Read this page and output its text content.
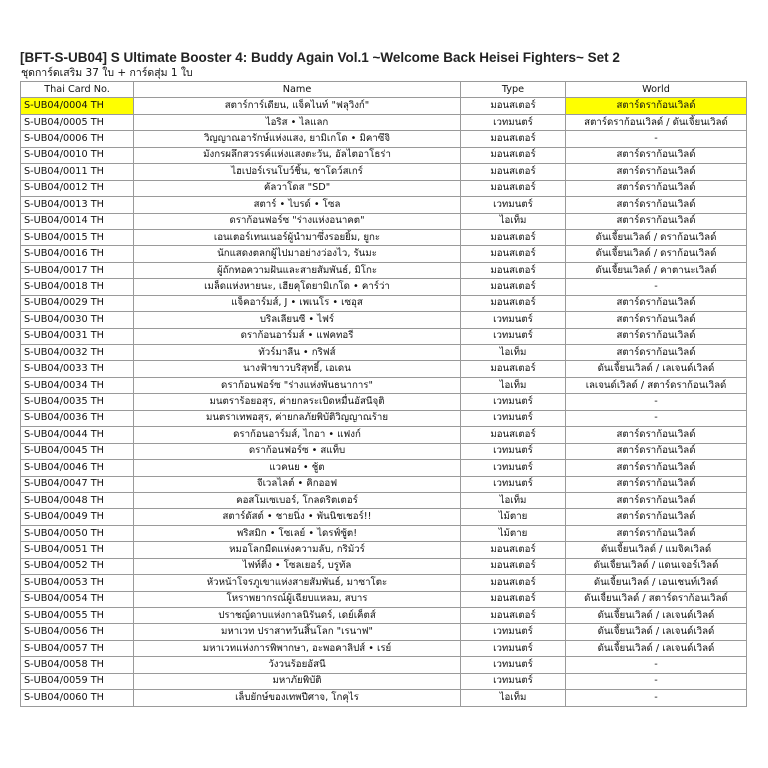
[BFT-S-UB04] S Ultimate Booster 4: Buddy Again Vol.1 ~Welcome Back Heisei Fighters~ Set 2
ชุดการ์ดเสริม 37 ใบ + การ์ดสุ่ม 1 ใบ
Thai Card No.	Name	Type	World
S-UB04/0004 TH	สตาร์การ์เดียน, แจ็คไนท์ "ฟลุวิงก์"	มอนสเตอร์	สตาร์ดราก้อนเวิลด์
S-UB04/0005 TH	ไอริส • ไลแลก	เวทมนตร์	สตาร์ดราก้อนเวิลด์ / ดันเจี้ยนเวิลด์
S-UB04/0006 TH	วิญญาณอารักษ์แห่งแสง, ยามิเกโด • มิคาซึจิ	มอนสเตอร์	-
S-UB04/0010 TH	มังกรผลึกสวรรค์แห่งแสงตะวัน, อัลไตอาโธร่า	มอนสเตอร์	สตาร์ดราก้อนเวิลด์
S-UB04/0011 TH	ไฮเปอร์เรนโบว์ชิ้น, ชาโดว์สเกร์	มอนสเตอร์	สตาร์ดราก้อนเวิลด์
S-UB04/0012 TH	คัลวาโดส "SD"	มอนสเตอร์	สตาร์ดราก้อนเวิลด์
S-UB04/0013 TH	สตาร์ • ไบรด์ • โซล	เวทมนตร์	สตาร์ดราก้อนเวิลด์
S-UB04/0014 TH	ดราก้อนฟอร์ซ "ร่างแห่งอนาคต"	ไอเท็ม	สตาร์ดราก้อนเวิลด์
S-UB04/0015 TH	เอนเตอร์เทนเนอร์ผู้นำมาซึ่งรอยยิ้ม, ยูกะ	มอนสเตอร์	ดันเจี้ยนเวิลด์ / ดราก้อนเวิลด์
S-UB04/0016 TH	นักแสดงตลกผู้ไปมาอย่างว่องไว, รันมะ	มอนสเตอร์	ดันเจี้ยนเวิลด์ / ดราก้อนเวิลด์
S-UB04/0017 TH	ผู้ถักทอความฝันและสายสัมพันธ์, มิโกะ	มอนสเตอร์	ดันเจี้ยนเวิลด์ / คาตานะเวิลด์
S-UB04/0018 TH	เมล็ดแห่งหายนะ, เฮียคุโดยามิเกโด • คาร์ว่า	มอนสเตอร์	-
S-UB04/0029 TH	แจ็คอาร์มส์, J • เพเนโร • เซอุส	มอนสเตอร์	สตาร์ดราก้อนเวิลด์
S-UB04/0030 TH	บริลเลียนซี • ไฟร์	เวทมนตร์	สตาร์ดราก้อนเวิลด์
S-UB04/0031 TH	ดราก้อนอาร์มส์ • แฟคทอรี่	เวทมนตร์	สตาร์ดราก้อนเวิลด์
S-UB04/0032 TH	ทัวร์มาลีน • กริฟส์	ไอเท็ม	สตาร์ดราก้อนเวิลด์
S-UB04/0033 TH	นางฟ้าขาวบริสุทธิ์, เอเดน	มอนสเตอร์	ดันเจี้ยนเวิลด์ / เลเจนด์เวิลด์
S-UB04/0034 TH	ดราก้อนฟอร์ซ "ร่างแห่งพันธนาการ"	ไอเท็ม	เลเจนด์เวิลด์ / สตาร์ดราก้อนเวิลด์
S-UB04/0035 TH	มนตราร้อยอสุร, ค่ายกลระเบิดหมื่นอัสนีจุติ	เวทมนตร์	-
S-UB04/0036 TH	มนตราเทพอสุร, ค่ายกลภัยพิบัติวิญญาณร้าย	เวทมนตร์	-
S-UB04/0044 TH	ดราก้อนอาร์มส์, ไกอา • แฟงก์	มอนสเตอร์	สตาร์ดราก้อนเวิลด์
S-UB04/0045 TH	ดราก้อนฟอร์ซ • สแท็บ	เวทมนตร์	สตาร์ดราก้อนเวิลด์
S-UB04/0046 TH	แวคนย • ชู้ต	เวทมนตร์	สตาร์ดราก้อนเวิลด์
S-UB04/0047 TH	จีเวลไลต์ • คิกออฟ	เวทมนตร์	สตาร์ดราก้อนเวิลด์
S-UB04/0048 TH	คอสโมเซเบอร์, โกลดริตเตอร์	ไอเท็ม	สตาร์ดราก้อนเวิลด์
S-UB04/0049 TH	สตาร์ดัสต์ • ชายนิ่ง • พันนิชเชอร์!!	ไม้ตาย	สตาร์ดราก้อนเวิลด์
S-UB04/0050 TH	พริสมิก • โซเลย์ • ไดรฟ์ซู้ต!	ไม้ตาย	สตาร์ดราก้อนเวิลด์
S-UB04/0051 TH	หมอโลกมืดแห่งความลับ, กริม้วร์	มอนสเตอร์	ดันเจี้ยนเวิลด์ / แมจิคเวิลด์
S-UB04/0052 TH	ไฟท์ติ้ง • โซลเยอร์, บรูทัล	มอนสเตอร์	ดันเจี้ยนเวิลด์ / แดนเจอร์เวิลด์
S-UB04/0053 TH	หัวหน้าโจรภูเขาแห่งสายสัมพันธ์, มาซาโตะ	มอนสเตอร์	ดันเจี้ยนเวิลด์ / เอนเชนท์เวิลด์
S-UB04/0054 TH	โหราพยากรณ์ผู้เฉียบแหลม, สบาร	มอนสเตอร์	ดันเจี้ยนเวิลด์ / สตาร์ดราก้อนเวิลด์
S-UB04/0055 TH	ปราชญ์ดาบแห่งกาลนิรันดร์, เดย์เค็ตส์	มอนสเตอร์	ดันเจี้ยนเวิลด์ / เลเจนด์เวิลด์
S-UB04/0056 TH	มหาเวท ปราสาทวันสิ้นโลก "เรนาฟ"	เวทมนตร์	ดันเจี้ยนเวิลด์ / เลเจนด์เวิลด์
S-UB04/0057 TH	มหาเวทแห่งการพิพากษา, อะพอคาลิปส์ • เรย์	เวทมนตร์	ดันเจี้ยนเวิลด์ / เลเจนด์เวิลด์
S-UB04/0058 TH	วังวนร้อยอัสนี	เวทมนตร์	-
S-UB04/0059 TH	มหาภัยพิบัติ	เวทมนตร์	-
S-UB04/0060 TH	เล็บยักษ์ของเทพปีศาจ, โกคุไร	ไอเท็ม	-
